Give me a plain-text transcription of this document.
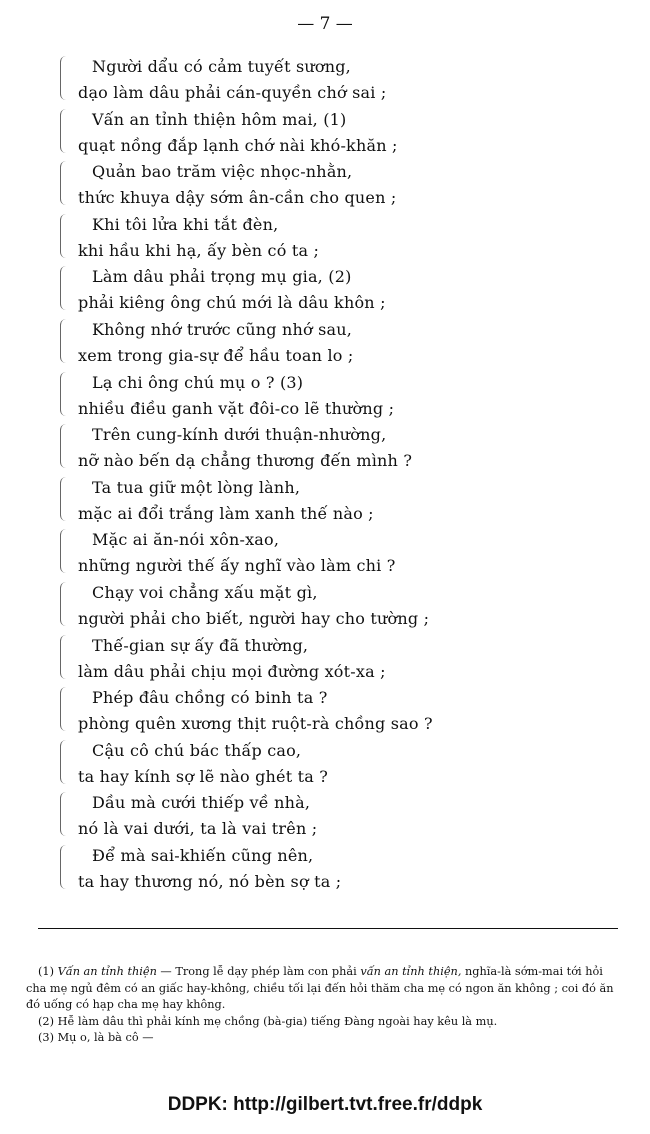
— 7 —
Người dẩu có cảm tuyết sương,
dạo làm dâu phải cán-quyền chớ sai ;
Vấn an tỉnh thiện hôm mai, (1)
quạt nồng đắp lạnh chớ nài khó-khăn ;
Quản bao trăm việc nhọc-nhằn,
thức khuya dậy sớm ân-cần cho quen ;
Khi tôi lửa khi tắt đèn,
khi hầu khi hạ, ấy bèn có ta ;
Làm dâu phải trọng mụ gia, (2)
phải kiêng ông chú mới là dâu khôn ;
Không nhớ trước cũng nhớ sau,
xem trong gia-sự để hầu toan lo ;
Lạ chi ông chú mụ o ? (3)
nhiều điều ganh vặt đôi-co lẽ thường ;
Trên cung-kính dưới thuận-nhường,
nỡ nào bến dạ chẳng thương đến mình ?
Ta tua giữ một lòng lành,
mặc ai đổi trắng làm xanh thế nào ;
Mặc ai ăn-nói xôn-xao,
những người thế ấy nghĩ vào làm chi ?
Chạy voi chẳng xấu mặt gì,
người phải cho biết, người hay cho tường ;
Thế-gian sự ấy đã thường,
làm dâu phải chịu mọi đường xót-xa ;
Phép đâu chồng có binh ta ?
phòng quên xương thịt ruột-rà chồng sao ?
Cậu cô chú bác thấp cao,
ta hay kính sợ lẽ nào ghét ta ?
Dầu mà cưới thiếp về nhà,
nó là vai dưới, ta là vai trên ;
Để mà sai-khiến cũng nên,
ta hay thương nó, nó bèn sợ ta ;

(1) Vấn an tỉnh thiện — Trong lễ dạy phép làm con phải vấn an tỉnh thiện, nghĩa-là sớm-mai tới hỏi cha mẹ ngủ đêm có an giấc hay-không, chiều tối lại đến hỏi thăm cha mẹ có ngon ăn không ; coi đó ăn đó uống có hạp cha mẹ hay không.

(2) Hễ làm dâu thì phải kính mẹ chồng (bà-gia) tiếng Đàng ngoài hay kêu là mụ.

(3) Mụ o, là bà cô —

DDPK: http://gilbert.tvt.free.fr/ddpk
